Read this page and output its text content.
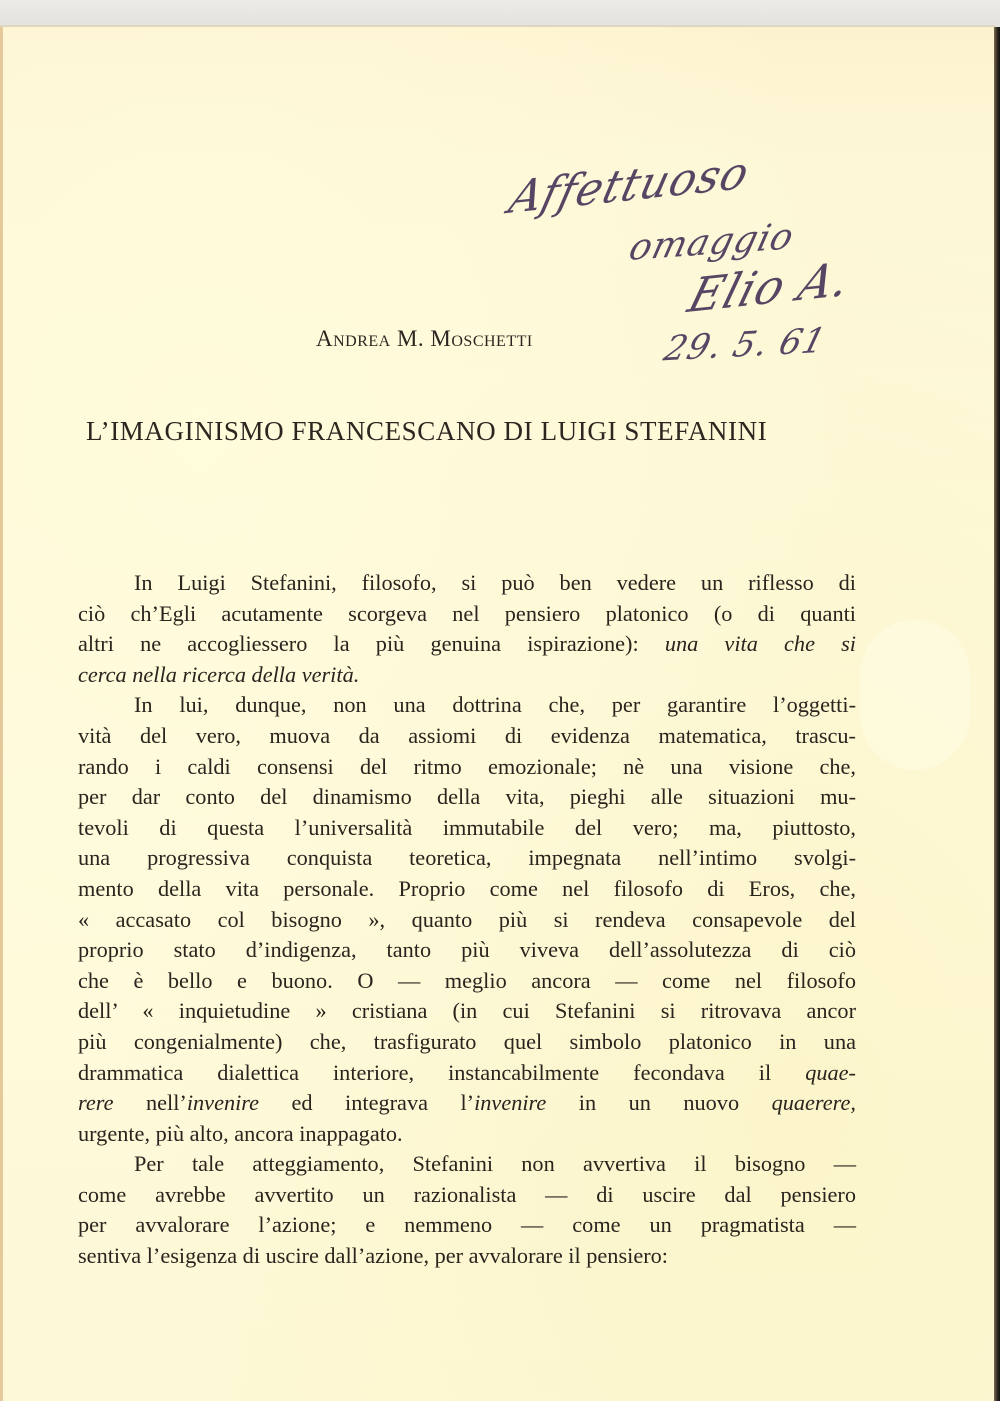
Affettuoso
omaggio
Elio A.
29. 5. 61
Andrea M. Moschetti
L’IMAGINISMO FRANCESCANO DI LUIGI STEFANINI
In Luigi Stefanini, filosofo, si può ben vedere un riflesso di
ciò ch’Egli acutamente scorgeva nel pensiero platonico (o di quanti
altri ne accogliessero la più genuina ispirazione): una vita che si
cerca nella ricerca della verità.
In lui, dunque, non una dottrina che, per garantire l’oggetti-
vità del vero, muova da assiomi di evidenza matematica, trascu-
rando i caldi consensi del ritmo emozionale; nè una visione che,
per dar conto del dinamismo della vita, pieghi alle situazioni mu-
tevoli di questa l’universalità immutabile del vero; ma, piuttosto,
una progressiva conquista teoretica, impegnata nell’intimo svolgi-
mento della vita personale. Proprio come nel filosofo di Eros, che,
« accasato col bisogno », quanto più si rendeva consapevole del
proprio stato d’indigenza, tanto più viveva dell’assolutezza di ciò
che è bello e buono. O — meglio ancora — come nel filosofo
dell’ « inquietudine » cristiana (in cui Stefanini si ritrovava ancor
più congenialmente) che, trasfigurato quel simbolo platonico in una
drammatica dialettica interiore, instancabilmente fecondava il quae-
rere nell’invenire ed integrava l’invenire in un nuovo quaerere,
urgente, più alto, ancora inappagato.
Per tale atteggiamento, Stefanini non avvertiva il bisogno —
come avrebbe avvertito un razionalista — di uscire dal pensiero
per avvalorare l’azione; e nemmeno — come un pragmatista —
sentiva l’esigenza di uscire dall’azione, per avvalorare il pensiero:
